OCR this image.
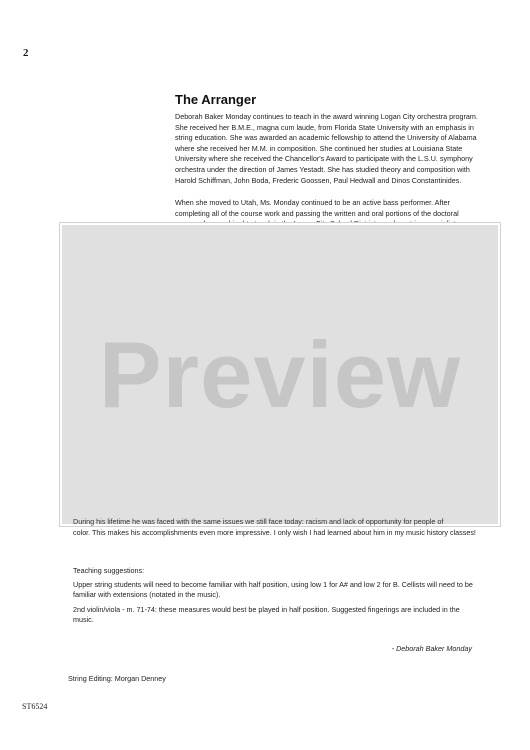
2
The Arranger
Deborah Baker Monday continues to teach in the award winning Logan City orchestra program. She received her B.M.E., magna cum laude, from Florida State University with an emphasis in string education. She was awarded an academic fellowship to attend the University of Alabama where she received her M.M. in composition. She continued her studies at Louisiana State University where she received the Chancellor's Award to participate with the L.S.U. symphony orchestra under the direction of James Yestadt. She has studied theory and composition with Harold Schiffman, John Boda, Frederic Goossen, Paul Hedwall and Dinos Constantinides.
When she moved to Utah, Ms. Monday continued to be an active bass performer. After completing all of the course work and passing the written and oral portions of the doctoral
Preview
During his lifetime he was faced with the same issues we still face today: racism and lack of opportunity for people of
color. This makes his accomplishments even more impressive. I only wish I had learned about him in my music history classes!
Teaching suggestions:
Upper string students will need to become familiar with half position, using low 1 for A# and low 2 for B. Cellists will need to be familiar with extensions (notated in the music).
2nd violin/viola - m. 71-74: these measures would best be played in half position. Suggested fingerings are included in the music.
- Deborah Baker Monday
String Editing: Morgan Denney
ST6524
